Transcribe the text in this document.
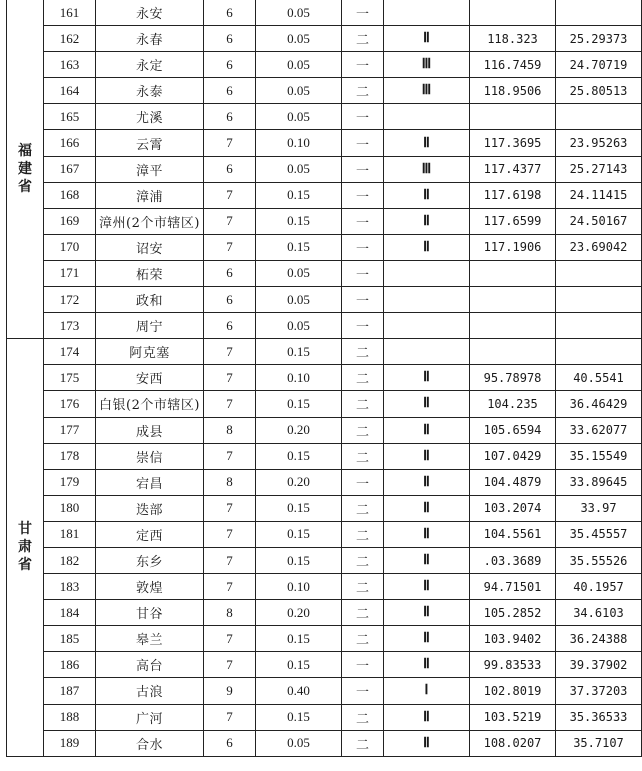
福建省	161	永安	6	0.05	一			
	162	永春	6	0.05	二	Ⅱ	118.323	25.29373
	163	永定	6	0.05	一	Ⅲ	116.7459	24.70719
	164	永泰	6	0.05	二	Ⅲ	118.9506	25.80513
	165	尤溪	6	0.05	一			
	166	云霄	7	0.10	一	Ⅱ	117.3695	23.95263
	167	漳平	6	0.05	一	Ⅲ	117.4377	25.27143
	168	漳浦	7	0.15	一	Ⅱ	117.6198	24.11415
	169	漳州(2个市辖区)	7	0.15	一	Ⅱ	117.6599	24.50167
	170	诏安	7	0.15	一	Ⅱ	117.1906	23.69042
	171	柘荣	6	0.05	一			
	172	政和	6	0.05	一			
	173	周宁	6	0.05	一			
甘肃省	174	阿克塞	7	0.15	二			
	175	安西	7	0.10	二	Ⅱ	95.78978	40.5541
	176	白银(2个市辖区)	7	0.15	二	Ⅱ	104.235	36.46429
	177	成县	8	0.20	二	Ⅱ	105.6594	33.62077
	178	崇信	7	0.15	二	Ⅱ	107.0429	35.15549
	179	宕昌	8	0.20	一	Ⅱ	104.4879	33.89645
	180	迭部	7	0.15	二	Ⅱ	103.2074	33.97
	181	定西	7	0.15	二	Ⅱ	104.5561	35.45557
	182	东乡	7	0.15	二	Ⅱ	.03.3689	35.55526
	183	敦煌	7	0.10	二	Ⅱ	94.71501	40.1957
	184	甘谷	8	0.20	二	Ⅱ	105.2852	34.6103
	185	皋兰	7	0.15	二	Ⅱ	103.9402	36.24388
	186	高台	7	0.15	一	Ⅱ	99.83533	39.37902
	187	古浪	9	0.40	一	Ⅰ	102.8019	37.37203
	188	广河	7	0.15	二	Ⅱ	103.5219	35.36533
	189	合水	6	0.05	二	Ⅱ	108.0207	35.7107
